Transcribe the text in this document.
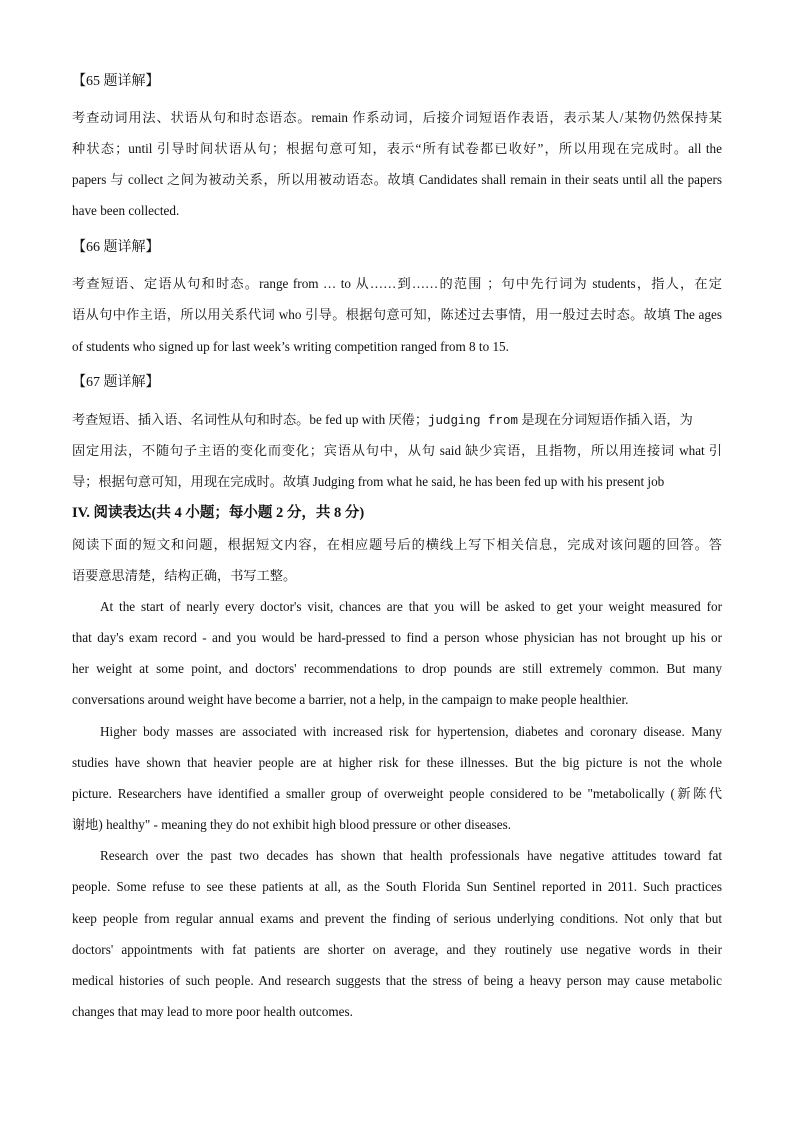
【65 题详解】
考查动词用法、状语从句和时态语态。remain 作系动词，后接介词短语作表语，表示某人/某物仍然保持某
种状态；until 引导时间状语从句；根据句意可知，表示“所有试卷都已收好”，所以用现在完成时。all the
papers 与 collect 之间为被动关系，所以用被动语态。故填 Candidates shall remain in their seats until all the papers
have been collected.
【66 题详解】
考查短语、定语从句和时态。range from … to 从……到……的范围 ；句中先行词为 students，指人，在定
语从句中作主语，所以用关系代词 who 引导。根据句意可知，陈述过去事情，用一般过去时态。故填 The ages
of students who signed up for last week’s writing competition ranged from 8 to 15.
【67 题详解】
考查短语、插入语、名词性从句和时态。be fed up with 厌倦；judging from 是现在分词短语作插入语，为
固定用法，不随句子主语的变化而变化；宾语从句中，从句 said 缺少宾语，且指物，所以用连接词 what 引
导；根据句意可知，用现在完成时。故填 Judging from what he said, he has been fed up with his present job
IV. 阅读表达(共 4 小题；每小题 2 分，共 8 分)
阅读下面的短文和问题，根据短文内容，在相应题号后的横线上写下相关信息，完成对该问题的回答。答
语要意思清楚，结构正确，书写工整。
At the start of nearly every doctor's visit, chances are that you will be asked to get your weight measured for
that day's exam record - and you would be hard-pressed to find a person whose physician has not brought up his or
her weight at some point, and doctors' recommendations to drop pounds are still extremely common. But many
conversations around weight have become a barrier, not a help, in the campaign to make people healthier.
Higher body masses are associated with increased risk for hypertension, diabetes and coronary disease. Many
studies have shown that heavier people are at higher risk for these illnesses. But the big picture is not the whole
picture. Researchers have identified a smaller group of overweight people considered to be "metabolically (新陈代
谢地) healthy" - meaning they do not exhibit high blood pressure or other diseases.
Research over the past two decades has shown that health professionals have negative attitudes toward fat
people. Some refuse to see these patients at all, as the South Florida Sun Sentinel reported in 2011. Such practices
keep people from regular annual exams and prevent the finding of serious underlying conditions. Not only that but
doctors' appointments with fat patients are shorter on average, and they routinely use negative words in their
medical histories of such people. And research suggests that the stress of being a heavy person may cause metabolic
changes that may lead to more poor health outcomes.
